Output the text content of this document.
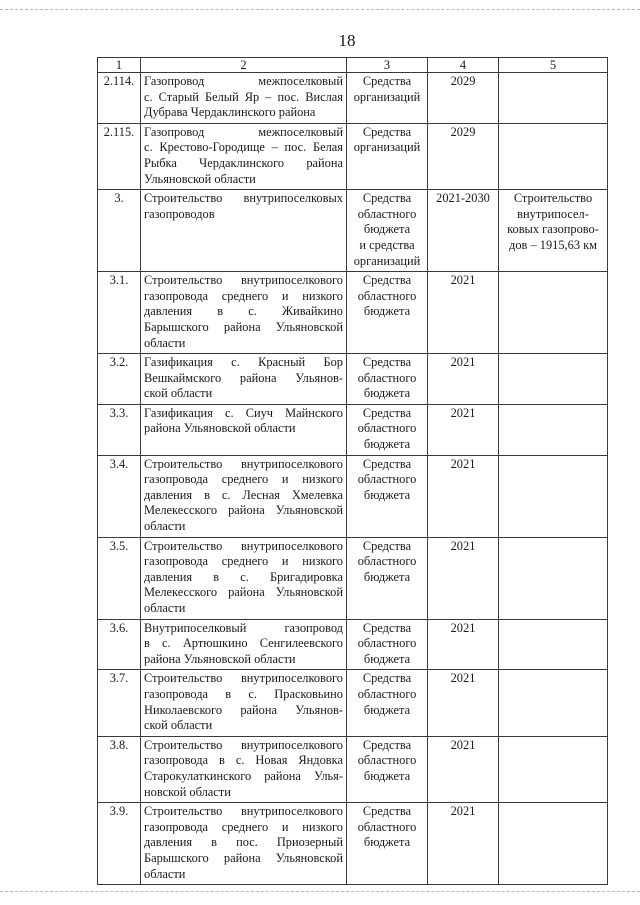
18
1	2	3	4	5
2.114.	Газопровод межпоселковый
с. Старый Белый Яр – пос. Вислая
Дубрава Чердаклинского района	Средства
организаций	2029	
2.115.	Газопровод межпоселковый
с. Крестово-Городище – пос. Белая
Рыбка Чердаклинского района
Ульяновской области	Средства
организаций	2029	
3.	Строительство внутрипоселковых
газопроводов	Средства
областного
бюджета
и средства
организаций	2021-2030	Строительство
внутрипосел-
ковых газопрово-
дов – 1915,63 км

3.1.	Строительство внутрипоселкового
газопровода среднего и низкого
давления в с. Живайкино
Барышского района Ульяновской
области	Средства
областного
бюджета	2021	
3.2.	Газификация с. Красный Бор
Вешкаймского района Ульянов-
ской области	Средства
областного
бюджета	2021	
3.3.	Газификация с. Сиуч Майнского
района Ульяновской области	Средства
областного
бюджета	2021	
3.4.	Строительство внутрипоселкового
газопровода среднего и низкого
давления в с. Лесная Хмелевка
Мелекесского района Ульяновской
области	Средства
областного
бюджета	2021	
3.5.	Строительство внутрипоселкового
газопровода среднего и низкого
давления в с. Бригадировка
Мелекесского района Ульяновской
области	Средства
областного
бюджета	2021	
3.6.	Внутрипоселковый газопровод
в с. Артюшкино Сенгилеевского
района Ульяновской области	Средства
областного
бюджета	2021	
3.7.	Строительство внутрипоселкового
газопровода в с. Прасковьино
Николаевского района Ульянов-
ской области	Средства
областного
бюджета	2021	
3.8.	Строительство внутрипоселкового
газопровода в с. Новая Яндовка
Старокулаткинского района Улья-
новской области	Средства
областного
бюджета	2021	
3.9.	Строительство внутрипоселкового
газопровода среднего и низкого
давления в пос. Приозерный
Барышского района Ульяновской
области	Средства
областного
бюджета	2021	
